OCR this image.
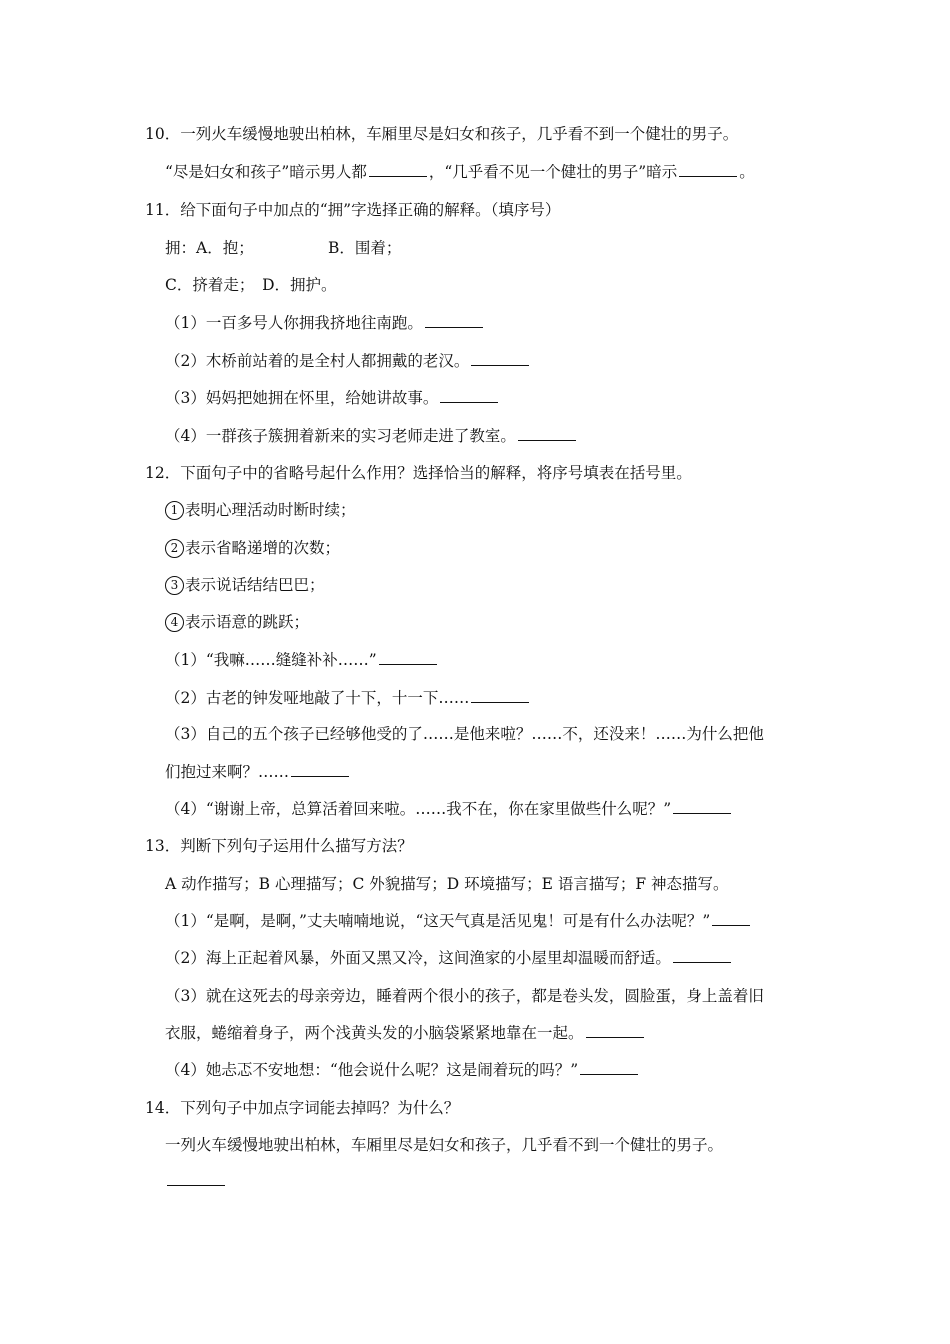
10．一列火车缓慢地驶出柏林，车厢里尽是妇女和孩子，几乎看不到一个健壮的男子。
“尽是妇女和孩子”暗示男人都	，“几乎看不见一个健壮的男子”暗示	。
11．给下面句子中加点的“拥”字选择正确的解释。（填序号）
拥：A．抱；	B．围着；
C．挤着走；　D．拥护。
（1）一百多号人你拥我挤地往南跑。
（2）木桥前站着的是全村人都拥戴的老汉。
（3）妈妈把她拥在怀里，给她讲故事。
（4）一群孩子簇拥着新来的实习老师走进了教室。
12．下面句子中的省略号起什么作用？选择恰当的解释，将序号填表在括号里。
1 表明心理活动时断时续；
2 表示省略递增的次数；
3 表示说话结结巴巴；
4 表示语意的跳跃；
（1）“我嘛……缝缝补补……”
（2）古老的钟发哑地敲了十下，十一下……
（3）自己的五个孩子已经够他受的了……是他来啦？……不，还没来！……为什么把他
们抱过来啊？……
（4）“谢谢上帝，总算活着回来啦。……我不在，你在家里做些什么呢？”
13．判断下列句子运用什么描写方法？
A 动作描写；B 心理描写；C 外貌描写；D 环境描写；E 语言描写；F 神态描写。
（1）“是啊，是啊，”丈夫喃喃地说，“这天气真是活见鬼！可是有什么办法呢？”
（2）海上正起着风暴，外面又黑又冷，这间渔家的小屋里却温暖而舒适。
（3）就在这死去的母亲旁边，睡着两个很小的孩子，都是卷头发，圆脸蛋，身上盖着旧
衣服，蜷缩着身子，两个浅黄头发的小脑袋紧紧地靠在一起。
（4）她忐忑不安地想：“他会说什么呢？这是闹着玩的吗？”
14．下列句子中加点字词能去掉吗？为什么？
一列火车缓慢地驶出柏林，车厢里尽是妇女和孩子，几乎看不到一个健壮的男子。
